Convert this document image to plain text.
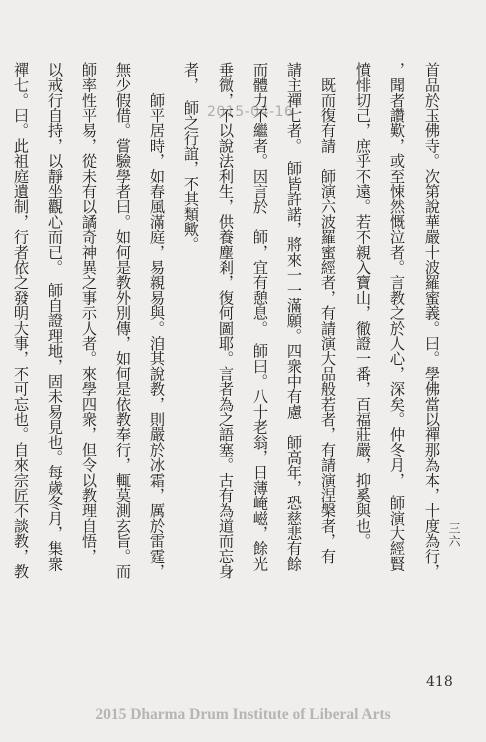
2015-04-16	首品於玉佛寺。次第說華嚴十波羅蜜義。曰。學佛當以禪那為本，十度為行，
，聞者讚歎，或至悚然慨泣者。言教之於人心，深矣。仲冬月，　師演大經賢
憤悱切己，庶乎不遠。若不親入寶山，徹證一番，百福莊嚴，抑奚與也。
　既而復有請　師演六波羅蜜經者，有請演大品般若者，有請演涅槃者，有
請主禪七者。　師皆許諾，將來一一滿願。四衆中有慮　師高年，恐慈悲有餘
而體力不繼者。因言於　師，宜有憩息。　師曰。八十老翁，日薄崦嵫，餘光
垂微，不以說法利生，供養塵剎，復何圖耶。言者為之語塞。古有為道而忘身
者，　師之行誼，不其類歟。
　　師平居時，如春風滿庭，易親易與。洎其說教，則嚴於冰霜，厲於雷霆，
無少假借。嘗驗學者曰。如何是教外別傳，如何是依教奉行，輒莫測玄旨。而
師率性平易，從未有以譎奇神異之事示人者。來學四衆，但令以教理自悟，
以戒行自持，以靜坐觀心而已。　師自證理地，固未易見也。每歲冬月，集衆
禪七。曰。此祖庭遺制，行者依之發明大事，不可忘也。自來宗匠不談教，教	三六
418
2015 Dharma Drum Institute of Liberal Arts
